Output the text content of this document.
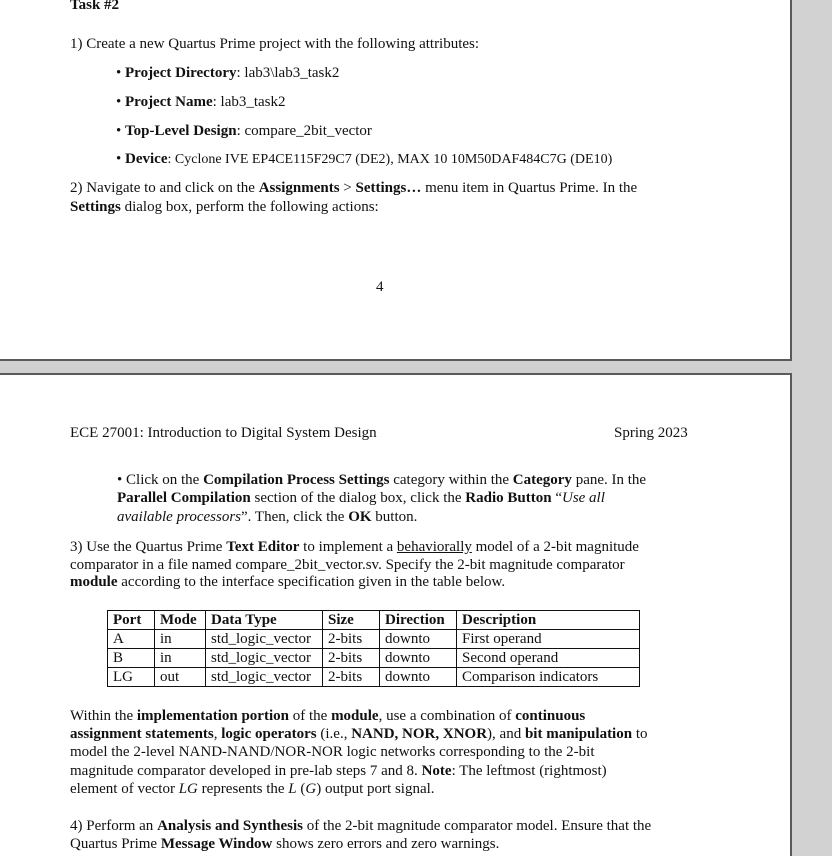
Task #2
1) Create a new Quartus Prime project with the following attributes:
• Project Directory: lab3\lab3_task2
• Project Name: lab3_task2
• Top-Level Design: compare_2bit_vector
• Device: Cyclone IVE EP4CE115F29C7 (DE2), MAX 10 10M50DAF484C7G (DE10)
2) Navigate to and click on the Assignments > Settings… menu item in Quartus Prime. In the
Settings dialog box, perform the following actions:
4
ECE 27001: Introduction to Digital System Design	Spring 2023
• Click on the Compilation Process Settings category within the Category pane. In the
Parallel Compilation section of the dialog box, click the Radio Button “Use all
available processors”. Then, click the OK button.
3) Use the Quartus Prime Text Editor to implement a behaviorally model of a 2-bit magnitude
comparator in a file named compare_2bit_vector.sv. Specify the 2-bit magnitude comparator
module according to the interface specification given in the table below.
Port	Mode	Data Type	Size	Direction	Description
A	in	std_logic_vector	2-bits	downto	First operand
B	in	std_logic_vector	2-bits	downto	Second operand
LG	out	std_logic_vector	2-bits	downto	Comparison indicators
Within the implementation portion of the module, use a combination of continuous
assignment statements, logic operators (i.e., NAND, NOR, XNOR), and bit manipulation to
model the 2-level NAND-NAND/NOR-NOR logic networks corresponding to the 2-bit
magnitude comparator developed in pre-lab steps 7 and 8. Note: The leftmost (rightmost)
element of vector LG represents the L (G) output port signal.
4) Perform an Analysis and Synthesis of the 2-bit magnitude comparator model. Ensure that the
Quartus Prime Message Window shows zero errors and zero warnings.
